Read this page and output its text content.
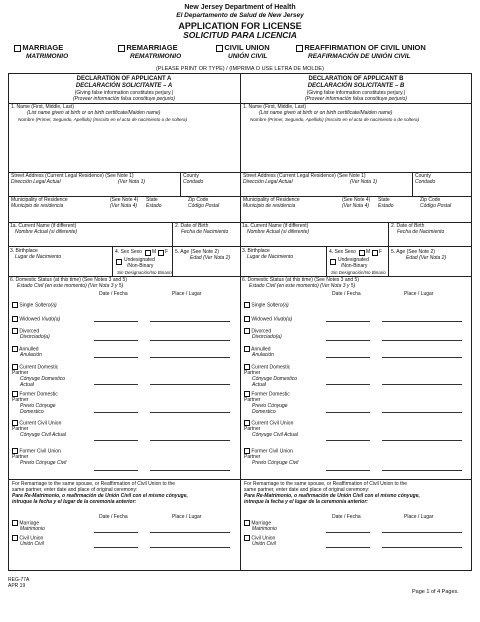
New Jersey Department of Health
El Departamento de Salud de New Jersey
APPLICATION FOR LICENSE
SOLICITUD PARA LICENCIA
MARRIAGE
MATRIMONIO
REMARRIAGE
REMATRIMONIO
CIVIL UNION
UNIÓN CIVIL
REAFFIRMATION OF CIVIL UNION
REAFIRMACIÓN DE UNIÓN CIVIL
(PLEASE PRINT OR TYPE) / (IMPRIMA O USE LETRA DE MOLDE)
DECLARATION OF APPLICANT A
DECLARACIÓN SOLICITANTE – A
(Giving false information constitutes perjury.)
(Proveer información falsa constituye perjurio)
1. Name (First, Middle, Last)
(List name given at birth or on birth certificate/Maiden name)
Nombre (Primer, Segundo, Apellido) (Inscrito en el acta de nacimiento o de soltera)
Street Address (Current Legal Residence) (See Note 1)
Dirección Legal Actual	(Ver Nota 1)
County
Condado
Municipality of Residence
Municipio de residencia
(See Note 4)
(Ver Nota 4)
State
Estado
Zip Code
Código Postal
1a. Current Name (if different)
Nombre Actual (si diferente)
2. Date of Birth
Fecha de Nacimiento
3. Birthplace
Lugar de Nacimiento
4. Sex Sexo M F
Undesignated
/Non-Binary
Sin Designación/No Binario
5. Age (See Note 2)
Edad (Ver Nota 2)
6. Domestic Status (at this time) (See Notes 3 and 5)
Estado Civil (en este momento) (Ver Nota 3 y 5)
Date / Fecha	Place / Lugar
Single Soltero(a)
Widowed Viudo(a)
Divorced
Divorciado(a)
Annulled
Anulación
Current Domestic Partner
Cónyuge Domestico Actual
Former Domestic Partner
Previo Cónyuge Domestico
Current Civil Union Partner
Cónyuge Civil Actual
Former Civil Union Partner
Previo Cónyuge Civil
For Remarriage to the same spouse, or Reaffirmation of Civil Union to the
same partner, enter date and place of original ceremony:
Para Re-Matrimonio, o reafirmación de Unión Civil con el mismo cónyuge,
intruque la fecha y el lugar de la ceremonia anterior:
Date / Fecha	Place / Lugar
Marriage
Matrimonio
Civil Union
Unión Civil
DECLARATION OF APPLICANT B
DECLARACIÓN SOLICITANTE – B
(Giving false information constitutes perjury.)
(Proveer información falsa constituye perjurio)
1. Name (First, Middle, Last)
(List name given at birth or on birth certificate/Maiden name)
Nombre (Primer, Segundo, Apellido) (Inscrito en el acta de nacimiento o de soltera)
Street Address (Current Legal Residence) (See Note 1)
Dirección Legal Actual	(Ver Nota 1)
County
Condado
Municipality of Residence
Municipio de residencia
(See Note 4)
(Ver Nota 4)
State
Estado
Zip Code
Código Postal
1a. Current Name (if different)
Nombre Actual (si diferente)
2. Date of Birth
Fecha de Nacimiento
3. Birthplace
Lugar de Nacimiento
4. Sex Sexo M F
Undesignated
/Non-Binary
Sin Designación/No Binario
5. Age (See Note 2)
Edad (Ver Nota 2)
6. Domestic Status (at this time) (See Notes 3 and 5)
Estado Civil (en este momento) (Ver Nota 3 y 5)
Date / Fecha	Place / Lugar
Single Soltero(a)
Widowed Viudo(a)
Divorced
Divorciado(a)
Annulled
Anulación
Current Domestic Partner
Cónyuge Domestico Actual
Former Domestic Partner
Previo Cónyuge Domestico
Current Civil Union Partner
Cónyuge Civil Actual
Former Civil Union Partner
Previo Cónyuge Civil
For Remarriage to the same spouse, or Reaffirmation of Civil Union to the
same partner, enter date and place of original ceremony:
Para Re-Matrimonio, o reafirmación de Unión Civil con el mismo cónyuge,
intreque la fecha y el lugar de la ceremonia anterior:
Date / Fecha	Place / Lugar
Marriage
Matrimonio
Civil Union
Unión Civil
REG-77A
APR 19
Page 1 of 4 Pages.
